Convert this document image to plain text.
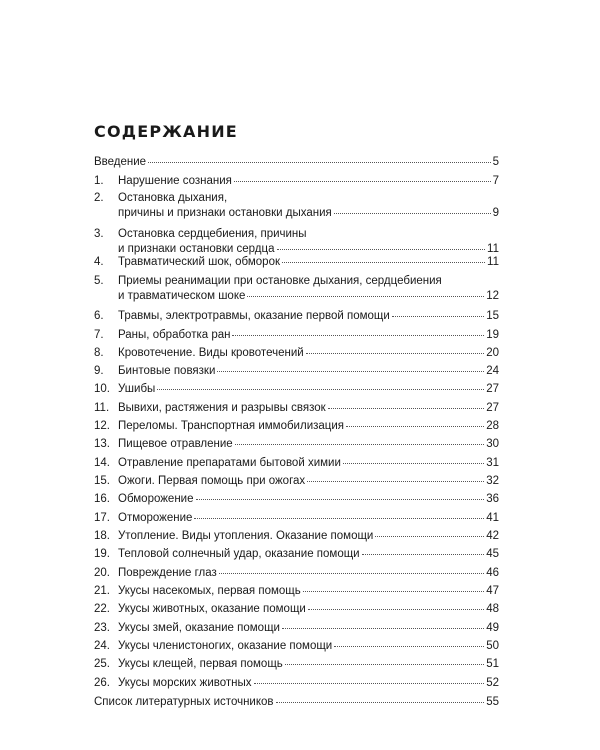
СОДЕРЖАНИЕ
Введение	5
1.	Нарушение сознания	7
2. Остановка дыхания,
причины и признаки остановки дыхания	9
3. Остановка сердцебиения, причины
и признаки остановки сердца	11
4.	Травматический шок, обморок	11
5. Приемы реанимации при остановке дыхания, сердцебиения
и травматическом шоке	12
6.	Травмы, электротравмы, оказание первой помощи	15
7.	Раны, обработка ран	19
8.	Кровотечение. Виды кровотечений	20
9.	Бинтовые повязки	24
10. Ушибы	27
11. Вывихи, растяжения и разрывы связок	27
12. Переломы. Транспортная иммобилизация	28
13. Пищевое отравление	30
14. Отравление препаратами бытовой химии	31
15. Ожоги. Первая помощь при ожогах	32
16. Обморожение	36
17. Отморожение	41
18. Утопление. Виды утопления. Оказание помощи	42
19. Тепловой солнечный удар, оказание помощи	45
20. Повреждение глаз	46
21. Укусы насекомых, первая помощь	47
22. Укусы животных, оказание помощи	48
23. Укусы змей, оказание помощи	49
24. Укусы членистоногих, оказание помощи	50
25. Укусы клещей, первая помощь	51
26. Укусы морских животных	52
Список литературных источников	55
